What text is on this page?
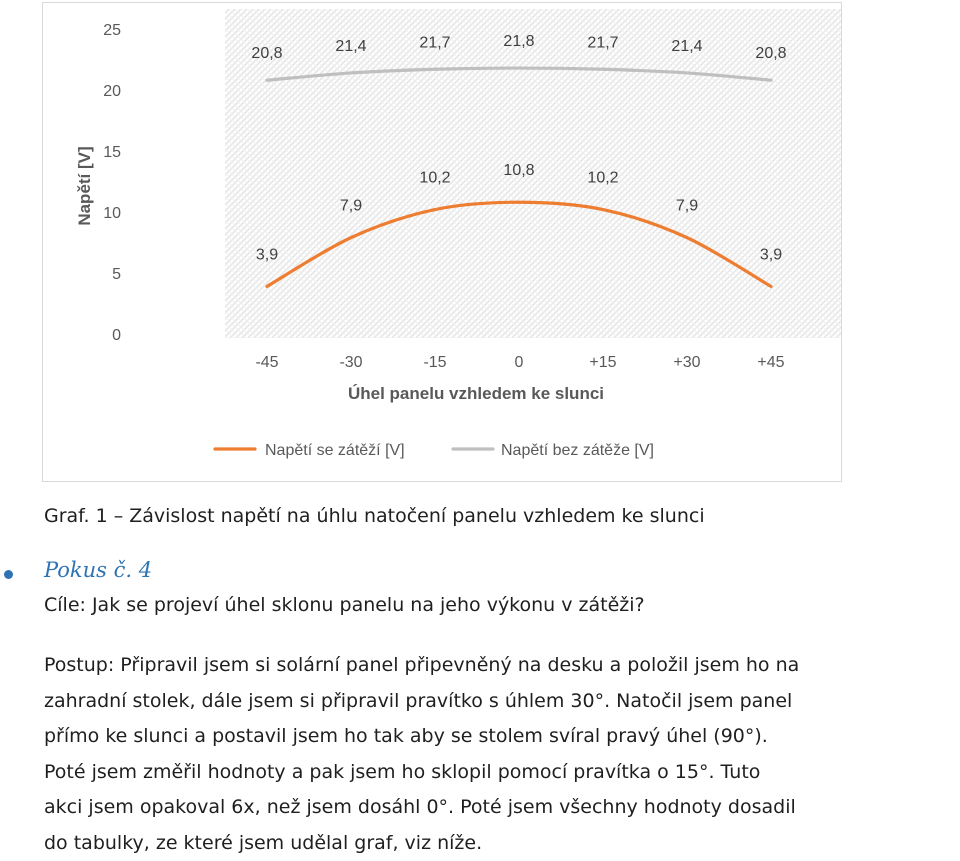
0
5
10
15
20
25
-45	-30	-15	0	+15	+30	+45
3,9
7,9
10,2	10,8	10,2
7,9
3,9
20,8	21,4	21,7	21,8	21,7	21,4	20,8
Napětí [V]
Úhel panelu vzhledem ke slunci
Napětí se zátěží [V]	Napětí bez zátěže [V]
Graf. 1 – Závislost napětí na úhlu natočení panelu vzhledem ke slunci
Pokus č. 4
Cíle: Jak se projeví úhel sklonu panelu na jeho výkonu v zátěži?
Postup: Připravil jsem si solární panel připevněný na desku a položil jsem ho na
zahradní stolek, dále jsem si připravil pravítko s úhlem 30°. Natočil jsem panel
přímo ke slunci a postavil jsem ho tak aby se stolem svíral pravý úhel (90°).
Poté jsem změřil hodnoty a pak jsem ho sklopil pomocí pravítka o 15°. Tuto
akci jsem opakoval 6x, než jsem dosáhl 0°. Poté jsem všechny hodnoty dosadil
do tabulky, ze které jsem udělal graf, viz níže.
